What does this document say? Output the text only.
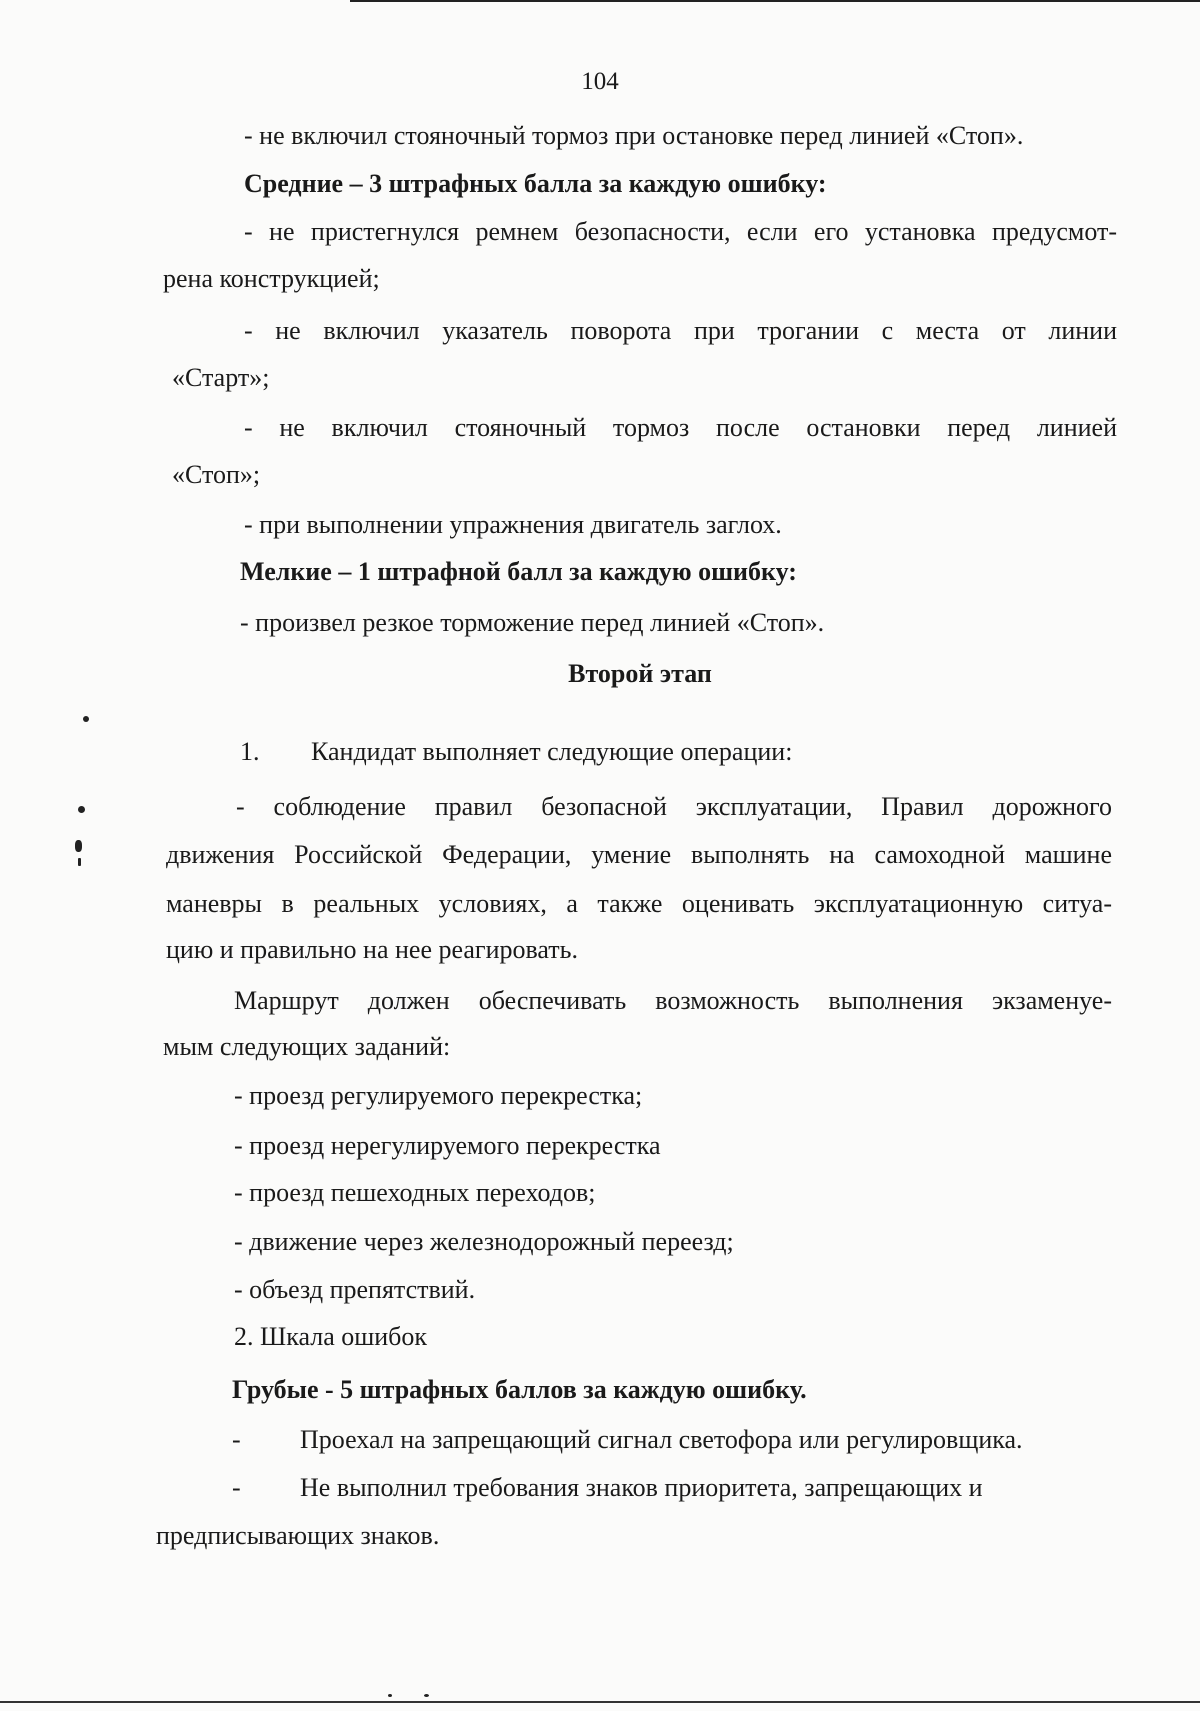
104
- не включил стояночный тормоз при остановке перед линией «Стоп».
Средние – 3 штрафных балла за каждую ошибку:
- не пристегнулся ремнем безопасности, если его установка предусмот-
рена конструкцией;
- не включил указатель поворота при трогании с места от линии
«Старт»;
- не включил стояночный тормоз после остановки перед линией
«Стоп»;
- при выполнении упражнения двигатель заглох.
Мелкие – 1 штрафной балл за каждую ошибку:
- произвел резкое торможение перед линией «Стоп».
Второй этап
1. Кандидат выполняет следующие операции:
- соблюдение правил безопасной эксплуатации, Правил дорожного
движения Российской Федерации, умение выполнять на самоходной машине
маневры в реальных условиях, а также оценивать эксплуатационную ситуа-
цию и правильно на нее реагировать.
Маршрут должен обеспечивать возможность выполнения экзаменуе-
мым следующих заданий:
- проезд регулируемого перекрестка;
- проезд нерегулируемого перекрестка
- проезд пешеходных переходов;
- движение через железнодорожный переезд;
- объезд препятствий.
2. Шкала ошибок
Грубые - 5 штрафных баллов за каждую ошибку.
- Проехал на запрещающий сигнал светофора или регулировщика.
- Не выполнил требования знаков приоритета, запрещающих и
предписывающих знаков.
